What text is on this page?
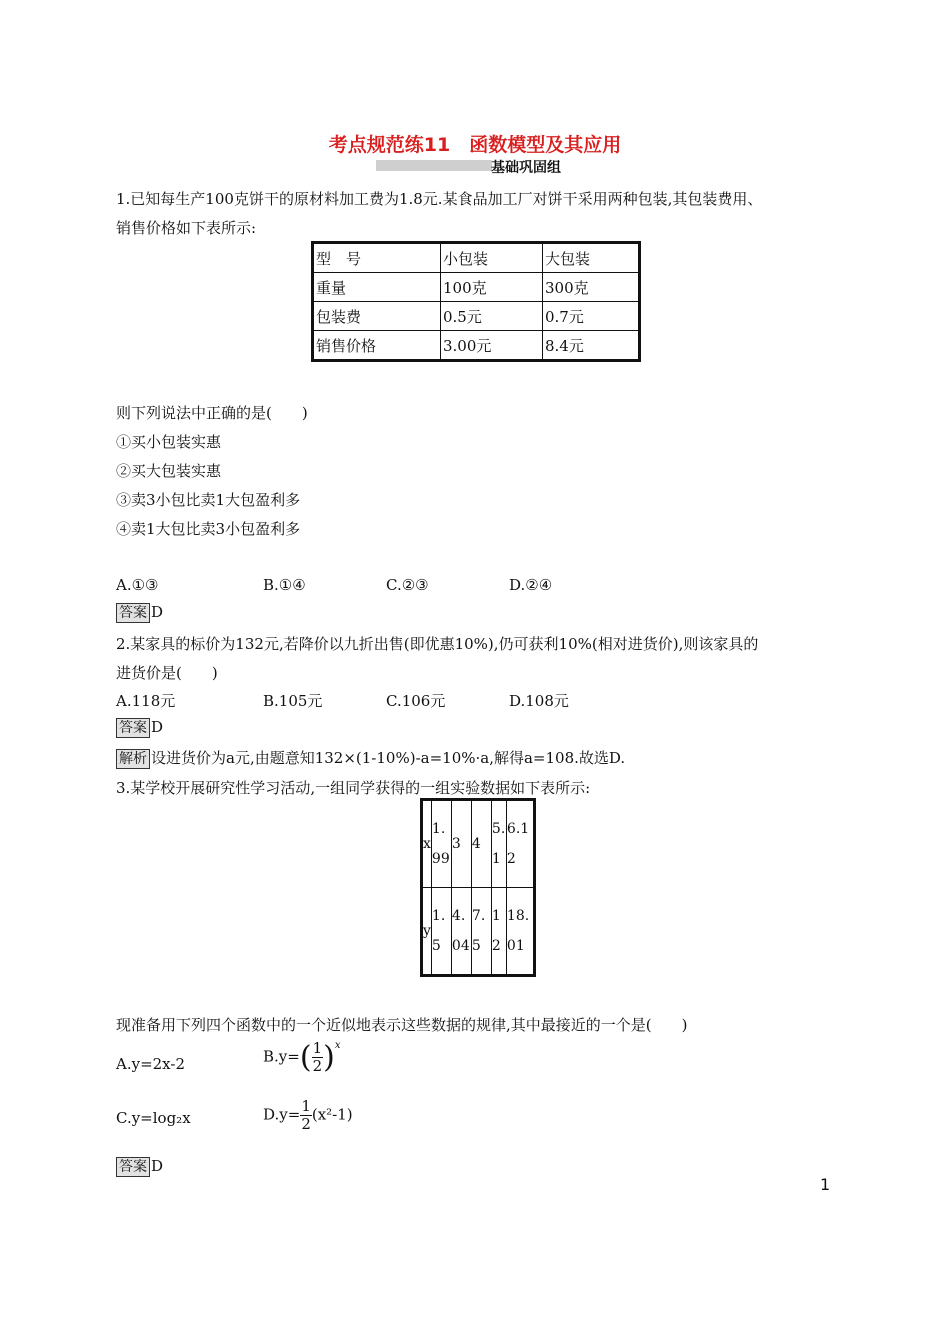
考点规范练11　函数模型及其应用
基础巩固组
1.已知每生产100克饼干的原材料加工费为1.8元.某食品加工厂对饼干采用两种包装,其包装费用、
销售价格如下表所示:
型　号	小包装	大包装
重量	100克	300克
包装费	0.5元	0.7元
销售价格	3.00元	8.4元
则下列说法中正确的是(　　)
①买小包装实惠
②买大包装实惠
③卖3小包比卖1大包盈利多
④卖1大包比卖3小包盈利多
A.①③	B.①④	C.②③	D.②④
答案 D
2.某家具的标价为132元,若降价以九折出售(即优惠10%),仍可获利10%(相对进货价),则该家具的
进货价是(　　)
A.118元	B.105元	C.106元	D.108元
答案 D
解析 设进货价为a元,由题意知132×(1-10%)-a=10%·a,解得a=108.故选D.
3.某学校开展研究性学习活动,一组同学获得的一组实验数据如下表所示:
x	1.99	3	4	5.1	6.12
y	1.5	4.04	7.5	12	18.01
现准备用下列四个函数中的一个近似地表示这些数据的规律,其中最接近的一个是(　　)
A.y=2x-2	$B.y=( \frac{1}{2} )^x$
C.y=log₂x	$D.y= \frac{1}{2} (x^2-1)$
答案 D
1
